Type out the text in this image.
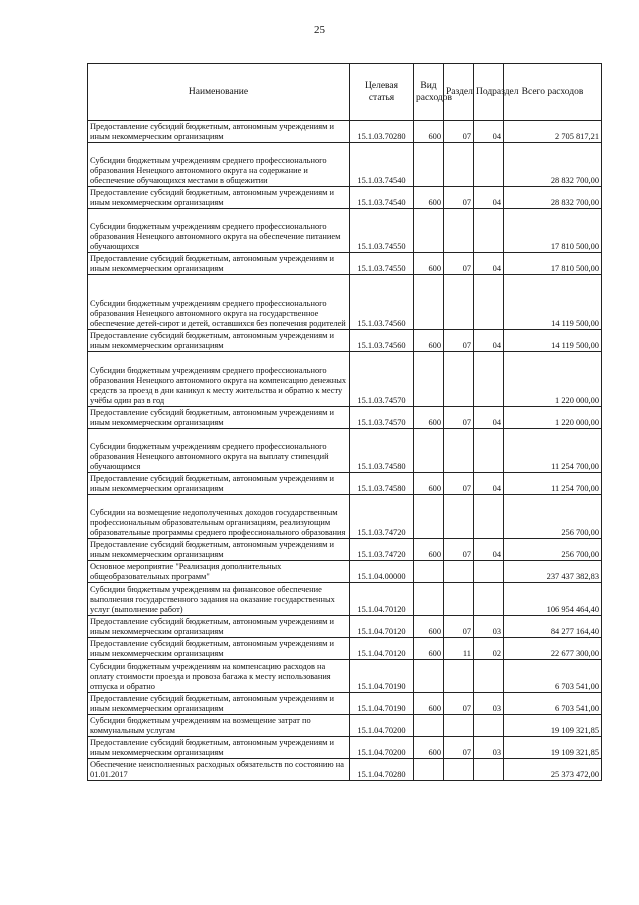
25
Наименование	Целевая статья	Вид расходов	Раздел	Подраздел	Всего расходов
Предоставление субсидий бюджетным, автономным учреждениям и иным некоммерческим организациям	15.1.03.70280	600	07	04	2 705 817,21
Субсидии бюджетным учреждениям среднего профессионального образования Ненецкого автономного округа на содержание и обеспечение обучающихся местами в общежитии	15.1.03.74540				28 832 700,00
Предоставление субсидий бюджетным, автономным учреждениям и иным некоммерческим организациям	15.1.03.74540	600	07	04	28 832 700,00
Субсидии бюджетным учреждениям среднего профессионального образования Ненецкого автономного округа на обеспечение питанием обучающихся	15.1.03.74550				17 810 500,00
Предоставление субсидий бюджетным, автономным учреждениям и иным некоммерческим организациям	15.1.03.74550	600	07	04	17 810 500,00
Субсидии бюджетным учреждениям среднего профессионального образования Ненецкого автономного округа на государственное обеспечение детей-сирот и детей, оставшихся без попечения родителей	15.1.03.74560				14 119 500,00
Предоставление субсидий бюджетным, автономным учреждениям и иным некоммерческим организациям	15.1.03.74560	600	07	04	14 119 500,00
Субсидии бюджетным учреждениям среднего профессионального образования Ненецкого автономного округа на компенсацию денежных средств за проезд в дни каникул к месту жительства и обратно к месту учёбы один раз в год	15.1.03.74570				1 220 000,00
Предоставление субсидий бюджетным, автономным учреждениям и иным некоммерческим организациям	15.1.03.74570	600	07	04	1 220 000,00
Субсидии бюджетным учреждениям среднего профессионального образования Ненецкого автономного округа на выплату стипендий обучающимся	15.1.03.74580				11 254 700,00
Предоставление субсидий бюджетным, автономным учреждениям и иным некоммерческим организациям	15.1.03.74580	600	07	04	11 254 700,00
Субсидии на возмещение недополученных доходов государственным профессиональным образовательным организациям, реализующим образовательные программы среднего профессионального образования	15.1.03.74720				256 700,00
Предоставление субсидий бюджетным, автономным учреждениям и иным некоммерческим организациям	15.1.03.74720	600	07	04	256 700,00
Основное мероприятие "Реализация дополнительных общеобразовательных программ"	15.1.04.00000				237 437 382,83
Субсидии бюджетным учреждениям на финансовое обеспечение выполнения государственного задания на оказание государственных услуг (выполнение работ)	15.1.04.70120				106 954 464,40
Предоставление субсидий бюджетным, автономным учреждениям и иным некоммерческим организациям	15.1.04.70120	600	07	03	84 277 164,40
Предоставление субсидий бюджетным, автономным учреждениям и иным некоммерческим организациям	15.1.04.70120	600	11	02	22 677 300,00
Субсидии бюджетным учреждениям на компенсацию расходов на оплату стоимости проезда и провоза багажа к месту использования отпуска и обратно	15.1.04.70190				6 703 541,00
Предоставление субсидий бюджетным, автономным учреждениям и иным некоммерческим организациям	15.1.04.70190	600	07	03	6 703 541,00
Субсидии бюджетным учреждениям на возмещение затрат по коммунальным услугам	15.1.04.70200				19 109 321,85
Предоставление субсидий бюджетным, автономным учреждениям и иным некоммерческим организациям	15.1.04.70200	600	07	03	19 109 321,85
Обеспечение неисполненных расходных обязательств по состоянию на 01.01.2017	15.1.04.70280				25 373 472,00
